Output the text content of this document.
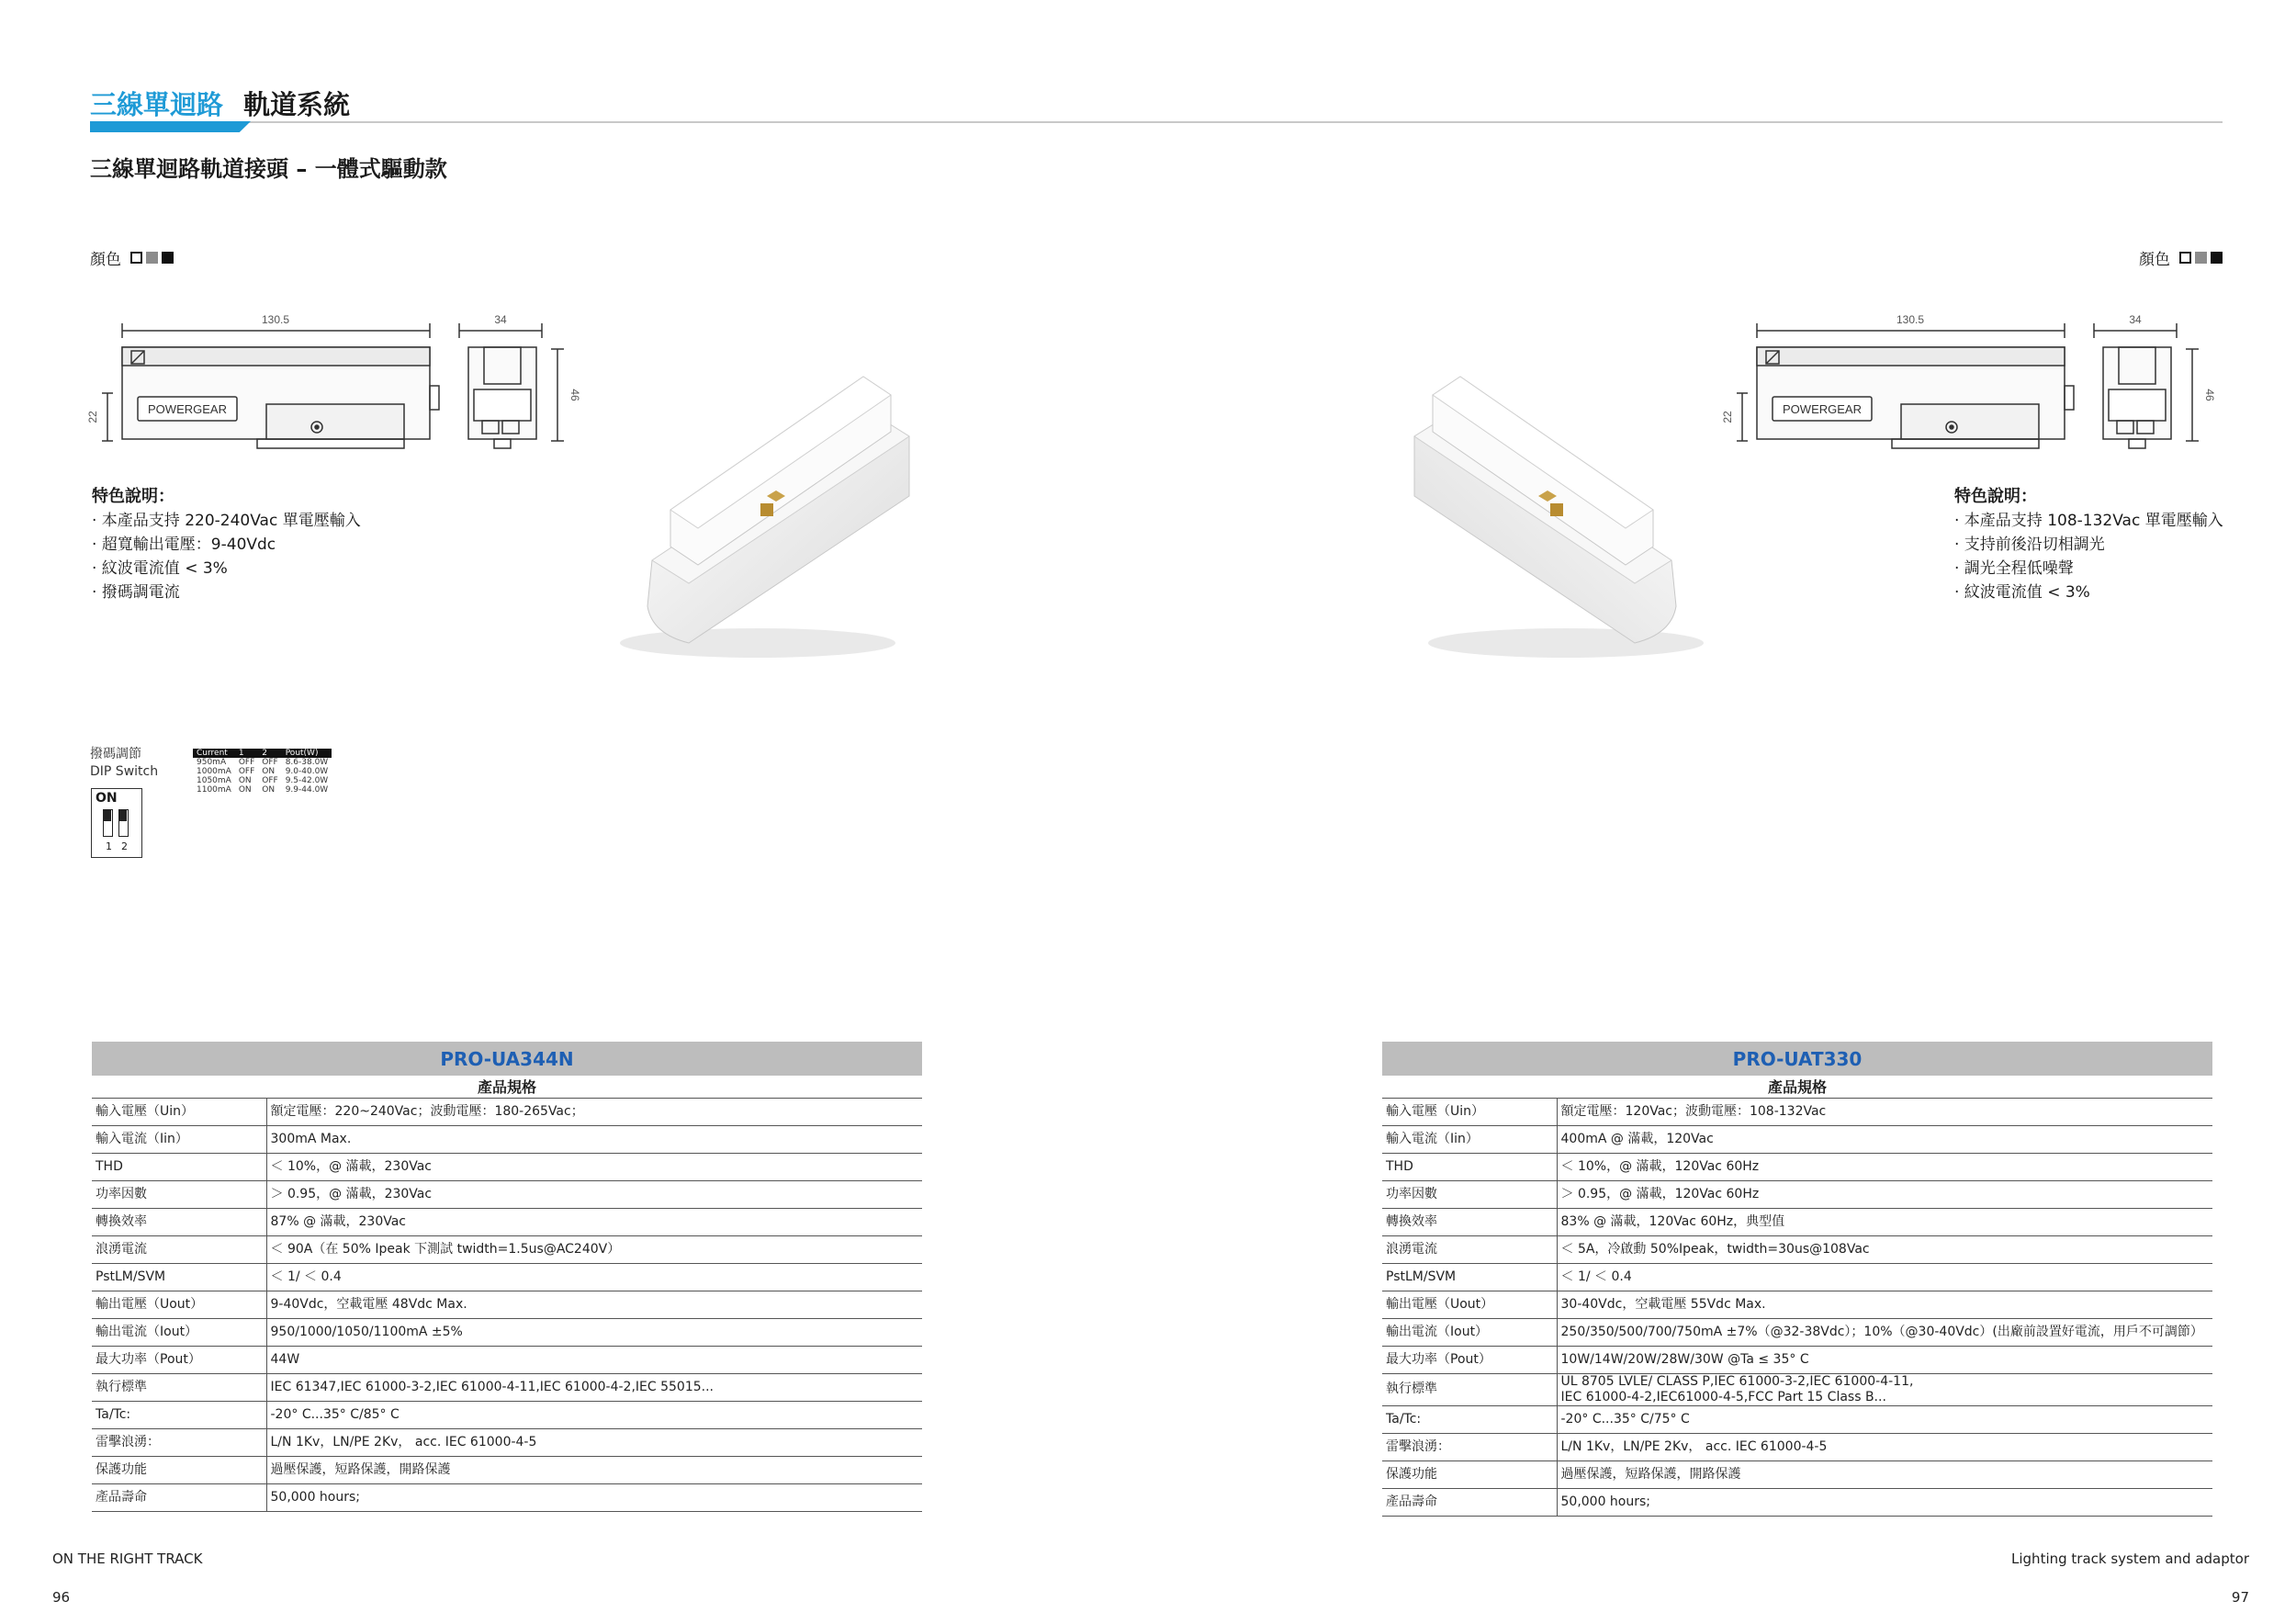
三線單迴路 軌道系統
三線單迴路軌道接頭 – 一體式驅動款
顏色	顏色
130.5	34
46
22
POWERGEAR
130.5	34
46
22
POWERGEAR
特色說明：
· 本產品支持 220-240Vac 單電壓輸入
· 超寬輸出電壓：9-40Vdc
· 紋波電流值 < 3%
· 撥碼調電流
特色說明：
· 本產品支持 108-132Vac 單電壓輸入
· 支持前後沿切相調光
· 調光全程低噪聲
· 紋波電流值 < 3%
撥碼調節
DIP Switch
ON
1 2
Current	1	2	Pout(W)
950mA	OFF	OFF	8.6-38.0W
1000mA	OFF	ON	9.0-40.0W
1050mA	ON	OFF	9.5-42.0W
1100mA	ON	ON	9.9-44.0W
PRO-UA344N	
產品規格	
輸入電壓（Uin）	額定電壓：220~240Vac；波動電壓：180-265Vac；
輸入電流（Iin）	300mA Max.
THD	＜ 10%，@ 滿載，230Vac
功率因數	＞ 0.95，@ 滿載，230Vac
轉換效率	87% @ 滿載，230Vac
浪湧電流	＜ 90A（在 50% Ipeak 下測試 twidth=1.5us@AC240V）
PstLM/SVM	＜ 1/ ＜ 0.4
輸出電壓（Uout）	9-40Vdc，空載電壓 48Vdc Max.
輸出電流（Iout）	950/1000/1050/1100mA ±5%
最大功率（Pout）	44W
執行標準	IEC 61347,IEC 61000-3-2,IEC 61000-4-11,IEC 61000-4-2,IEC 55015...
Ta/Tc:	-20° C...35° C/85° C
雷擊浪湧：	L/N 1Kv，LN/PE 2Kv， acc. IEC 61000-4-5
保護功能	過壓保護，短路保護，開路保護
產品壽命	50,000 hours;
PRO-UAT330	
產品規格	
輸入電壓（Uin）	額定電壓：120Vac；波動電壓：108-132Vac
輸入電流（Iin）	400mA @ 滿載，120Vac
THD	＜ 10%，@ 滿載，120Vac 60Hz
功率因數	＞ 0.95，@ 滿載，120Vac 60Hz
轉換效率	83% @ 滿載，120Vac 60Hz，典型值
浪湧電流	＜ 5A，冷啟動 50%Ipeak，twidth=30us@108Vac
PstLM/SVM	＜ 1/ ＜ 0.4
輸出電壓（Uout）	30-40Vdc，空載電壓 55Vdc Max.
輸出電流（Iout）	250/350/500/700/750mA ±7%（@32-38Vdc）；10%（@30-40Vdc）(出廠前設置好電流，用戶不可調節）
最大功率（Pout）	10W/14W/20W/28W/30W @Ta ≤ 35° C
執行標準	UL 8705 LVLE/ CLASS P,IEC 61000-3-2,IEC 61000-4-11,
IEC 61000-4-2,IEC61000-4-5,FCC Part 15 Class B...
Ta/Tc:	-20° C...35° C/75° C
雷擊浪湧：	L/N 1Kv，LN/PE 2Kv， acc. IEC 61000-4-5
保護功能	過壓保護，短路保護，開路保護
產品壽命	50,000 hours;
ON THE RIGHT TRACK	Lighting track system and adaptor
96	97
